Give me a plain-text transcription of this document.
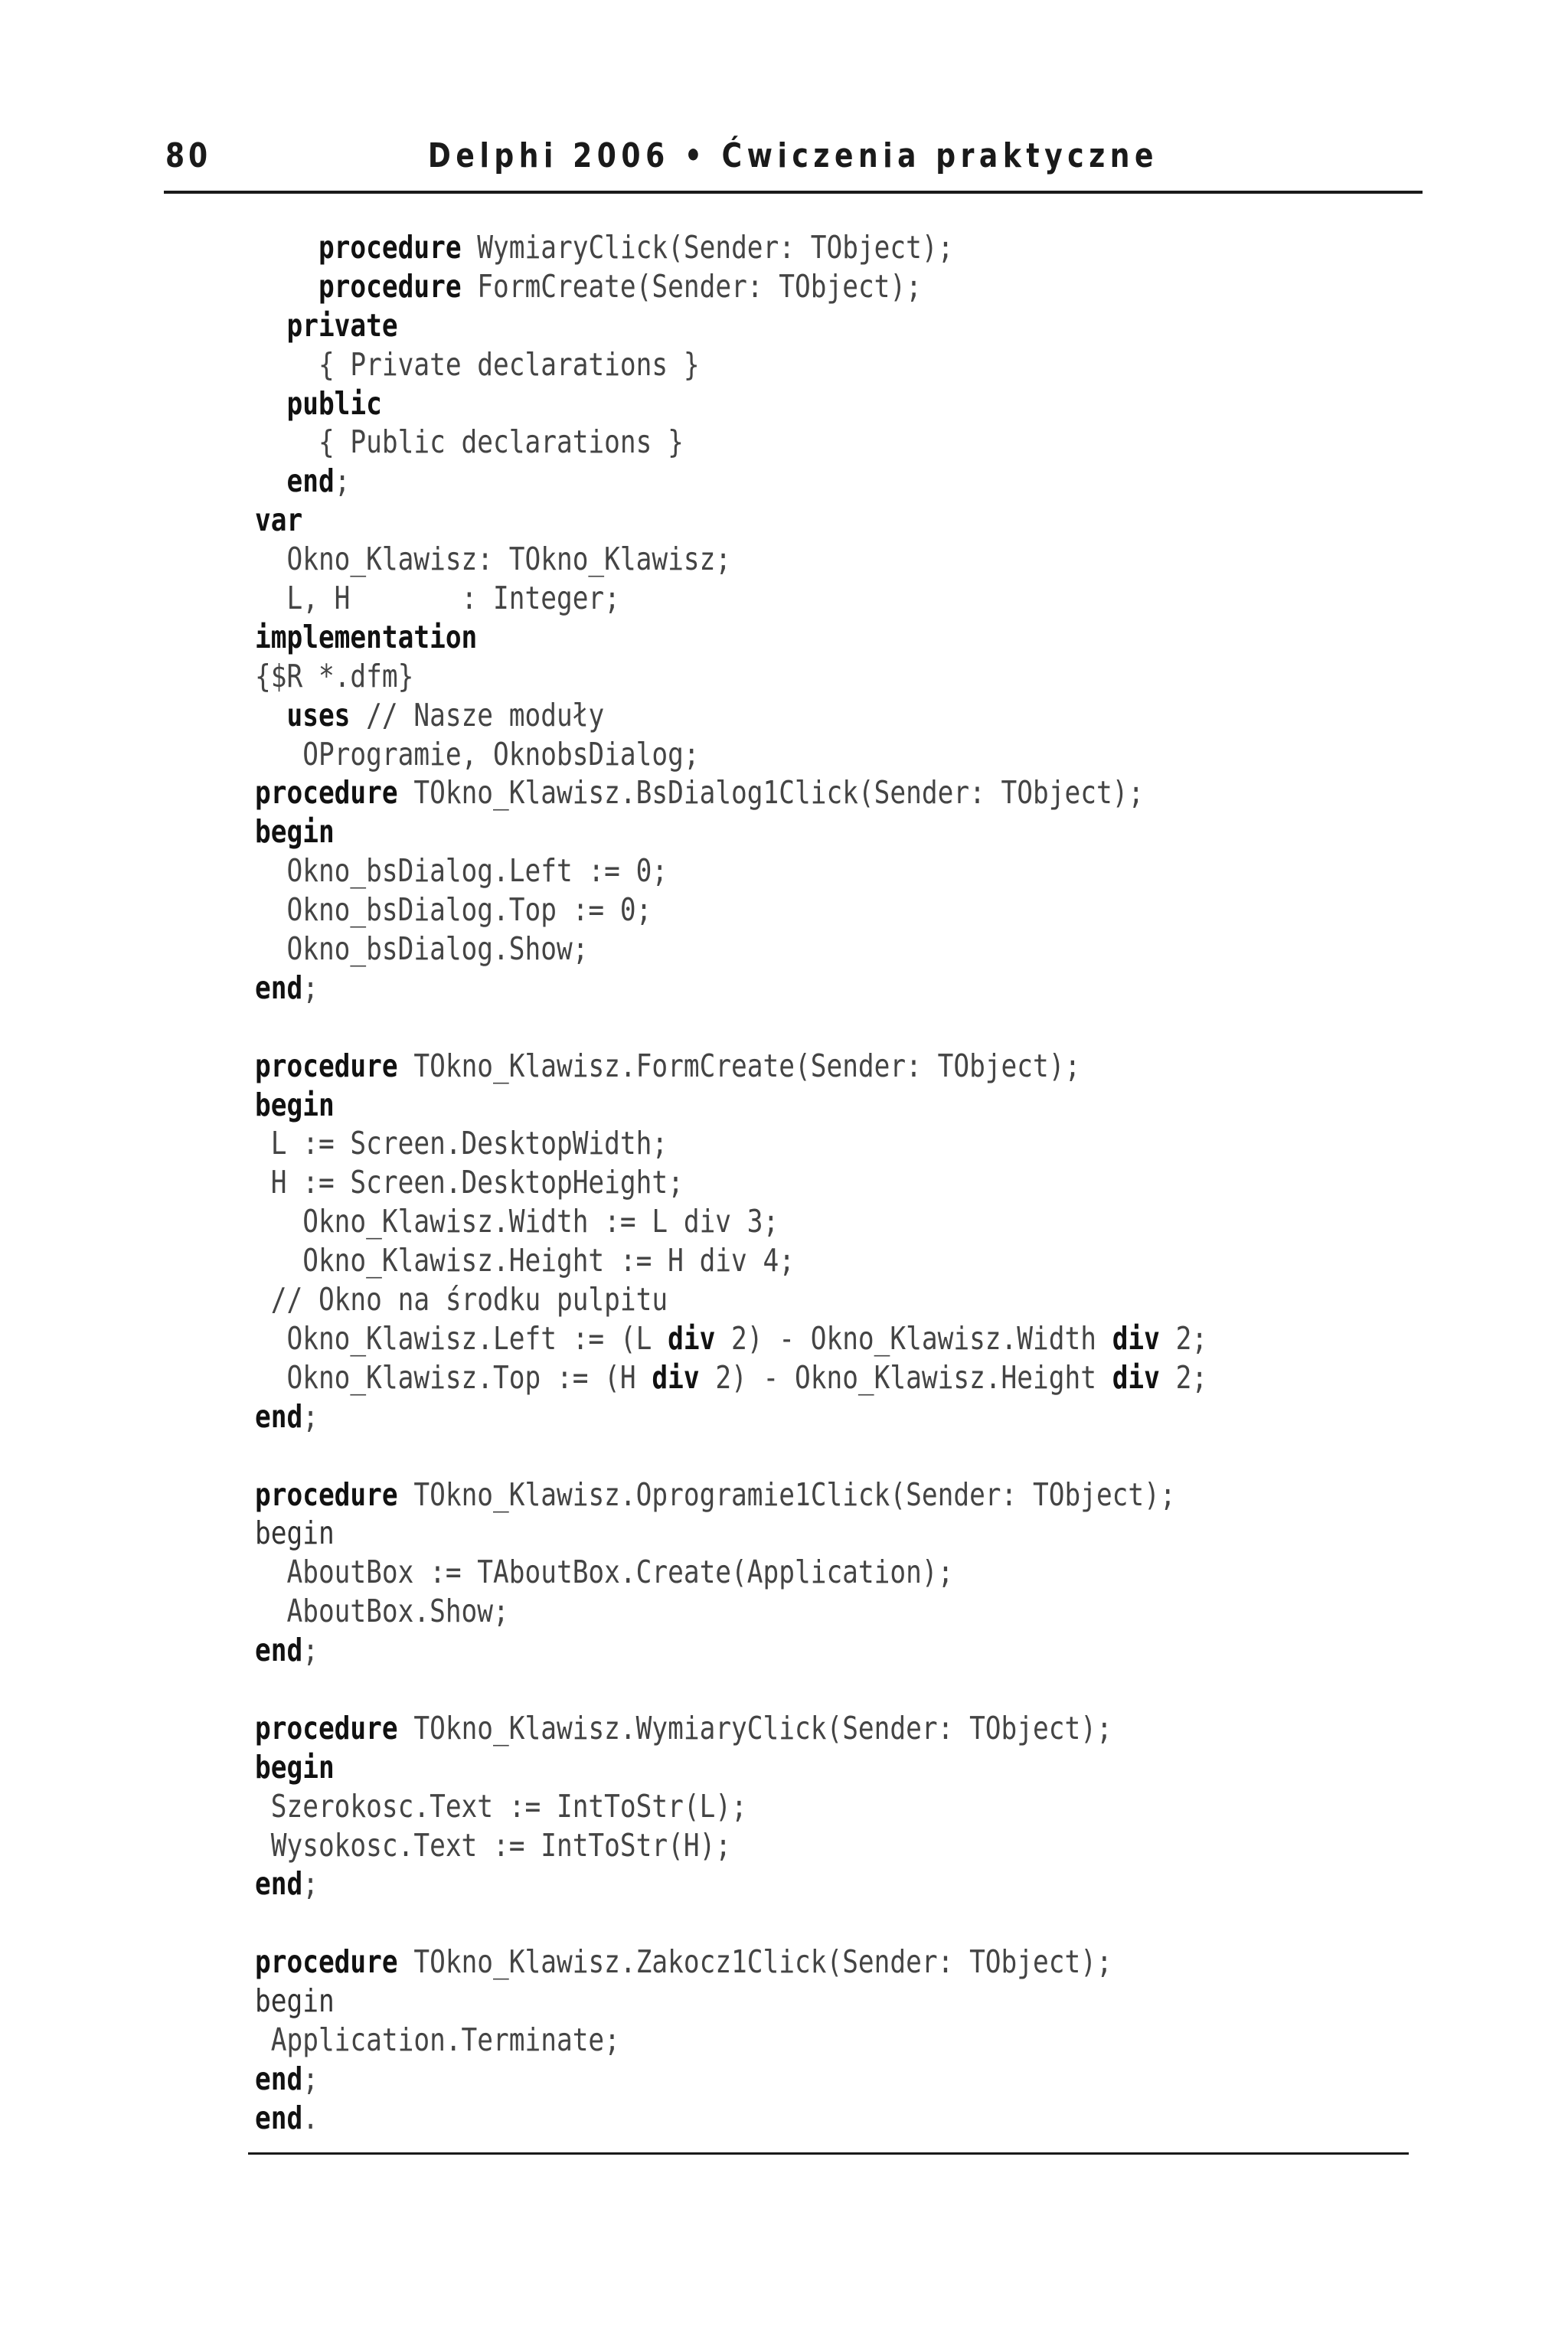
80	Delphi 2006 • Ćwiczenia praktyczne
procedure WymiaryClick(Sender: TObject);
procedure FormCreate(Sender: TObject);
private
{ Private declarations }
public
{ Public declarations }
end;
var
Okno_Klawisz: TOkno_Klawisz;
L, H       : Integer;
implementation
{$R *.dfm}
uses // Nasze moduły
OProgramie, OknobsDialog;
procedure TOkno_Klawisz.BsDialog1Click(Sender: TObject);
begin
Okno_bsDialog.Left := 0;
Okno_bsDialog.Top := 0;
Okno_bsDialog.Show;
end;

procedure TOkno_Klawisz.FormCreate(Sender: TObject);
begin
L := Screen.DesktopWidth;
H := Screen.DesktopHeight;
Okno_Klawisz.Width := L div 3;
Okno_Klawisz.Height := H div 4;
// Okno na środku pulpitu
Okno_Klawisz.Left := (L div 2) - Okno_Klawisz.Width div 2;
Okno_Klawisz.Top := (H div 2) - Okno_Klawisz.Height div 2;
end;

procedure TOkno_Klawisz.Oprogramie1Click(Sender: TObject);
begin
AboutBox := TAboutBox.Create(Application);
AboutBox.Show;
end;

procedure TOkno_Klawisz.WymiaryClick(Sender: TObject);
begin
Szerokosc.Text := IntToStr(L);
Wysokosc.Text := IntToStr(H);
end;

procedure TOkno_Klawisz.Zakocz1Click(Sender: TObject);
begin
Application.Terminate;
end;
end.
